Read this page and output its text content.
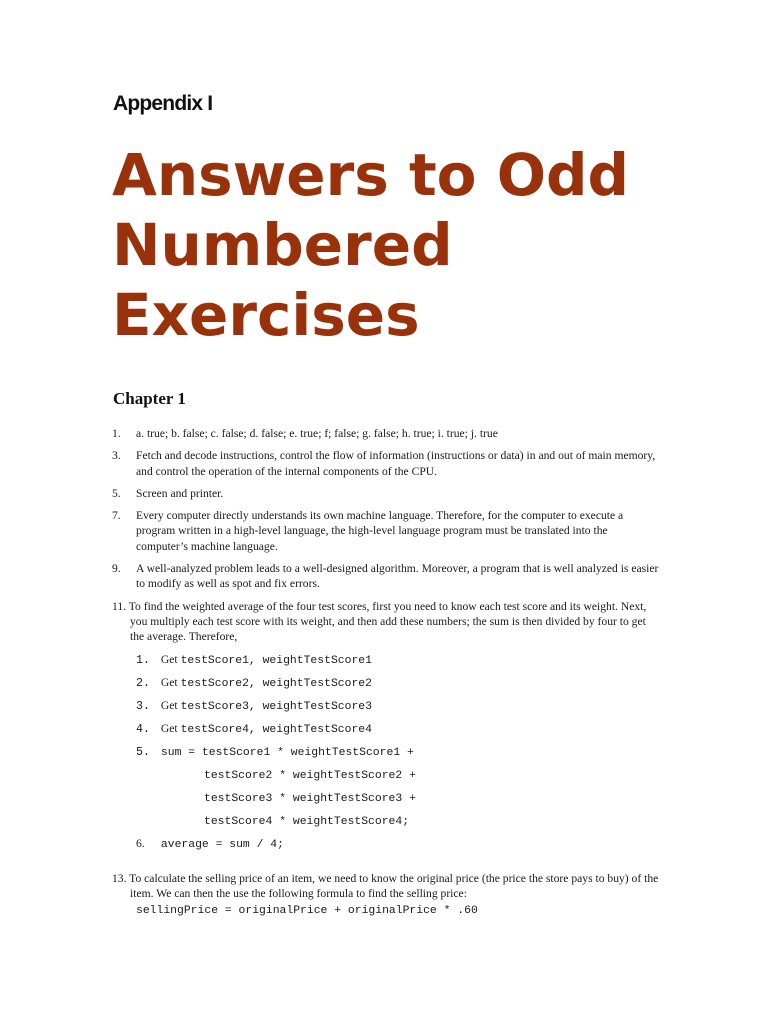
Appendix I
Answers to Odd
Numbered
Exercises
Chapter 1
1. a. true; b. false; c. false; d. false; e. true; f; false; g. false; h. true; i. true; j. true
3. Fetch and decode instructions, control the flow of information (instructions or data) in and out of main memory, and control the operation of the internal components of the CPU.
5. Screen and printer.
7. Every computer directly understands its own machine language. Therefore, for the computer to execute a program written in a high-level language, the high-level language program must be translated into the computer’s machine language.
9. A well-analyzed problem leads to a well-designed algorithm. Moreover, a program that is well analyzed is easier to modify as well as spot and fix errors.
11. To find the weighted average of the four test scores, first you need to know each test score and its weight. Next, you multiply each test score with its weight, and then add these numbers; the sum is then divided by four to get the average. Therefore,
1. Get testScore1, weightTestScore1
2. Get testScore2, weightTestScore2
3. Get testScore3, weightTestScore3
4. Get testScore4, weightTestScore4
5. sum = testScore1 * weightTestScore1 +
testScore2 * weightTestScore2 +
testScore3 * weightTestScore3 +
testScore4 * weightTestScore4;
6. average = sum / 4;
13. To calculate the selling price of an item, we need to know the original price (the price the store pays to buy) of the item. We can then the use the following formula to find the selling price:
sellingPrice = originalPrice + originalPrice * .60
